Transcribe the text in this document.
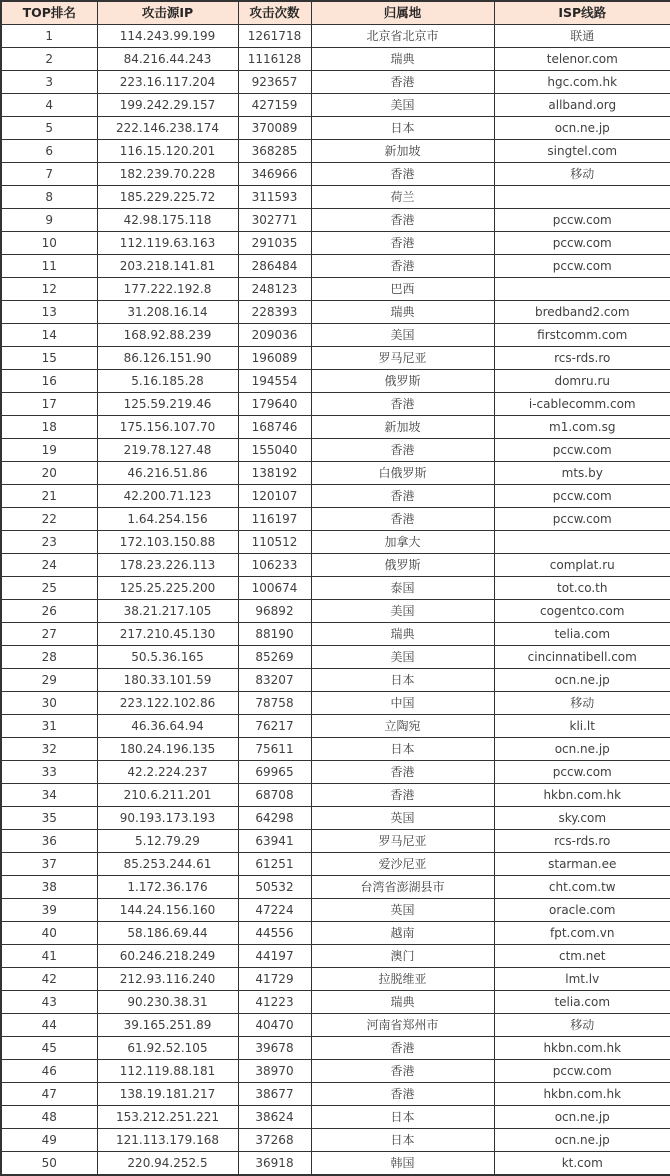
TOP排名	攻击源IP	攻击次数	归属地	ISP线路
1	114.243.99.199	1261718	北京省北京市	联通
2	84.216.44.243	1116128	瑞典	telenor.com
3	223.16.117.204	923657	香港	hgc.com.hk
4	199.242.29.157	427159	美国	allband.org
5	222.146.238.174	370089	日本	ocn.ne.jp
6	116.15.120.201	368285	新加坡	singtel.com
7	182.239.70.228	346966	香港	移动
8	185.229.225.72	311593	荷兰	
9	42.98.175.118	302771	香港	pccw.com
10	112.119.63.163	291035	香港	pccw.com
11	203.218.141.81	286484	香港	pccw.com
12	177.222.192.8	248123	巴西	
13	31.208.16.14	228393	瑞典	bredband2.com
14	168.92.88.239	209036	美国	firstcomm.com
15	86.126.151.90	196089	罗马尼亚	rcs-rds.ro
16	5.16.185.28	194554	俄罗斯	domru.ru
17	125.59.219.46	179640	香港	i-cablecomm.com
18	175.156.107.70	168746	新加坡	m1.com.sg
19	219.78.127.48	155040	香港	pccw.com
20	46.216.51.86	138192	白俄罗斯	mts.by
21	42.200.71.123	120107	香港	pccw.com
22	1.64.254.156	116197	香港	pccw.com
23	172.103.150.88	110512	加拿大	
24	178.23.226.113	106233	俄罗斯	complat.ru
25	125.25.225.200	100674	泰国	tot.co.th
26	38.21.217.105	96892	美国	cogentco.com
27	217.210.45.130	88190	瑞典	telia.com
28	50.5.36.165	85269	美国	cincinnatibell.com
29	180.33.101.59	83207	日本	ocn.ne.jp
30	223.122.102.86	78758	中国	移动
31	46.36.64.94	76217	立陶宛	kli.lt
32	180.24.196.135	75611	日本	ocn.ne.jp
33	42.2.224.237	69965	香港	pccw.com
34	210.6.211.201	68708	香港	hkbn.com.hk
35	90.193.173.193	64298	英国	sky.com
36	5.12.79.29	63941	罗马尼亚	rcs-rds.ro
37	85.253.244.61	61251	爱沙尼亚	starman.ee
38	1.172.36.176	50532	台湾省澎湖县市	cht.com.tw
39	144.24.156.160	47224	英国	oracle.com
40	58.186.69.44	44556	越南	fpt.com.vn
41	60.246.218.249	44197	澳门	ctm.net
42	212.93.116.240	41729	拉脱维亚	lmt.lv
43	90.230.38.31	41223	瑞典	telia.com
44	39.165.251.89	40470	河南省郑州市	移动
45	61.92.52.105	39678	香港	hkbn.com.hk
46	112.119.88.181	38970	香港	pccw.com
47	138.19.181.217	38677	香港	hkbn.com.hk
48	153.212.251.221	38624	日本	ocn.ne.jp
49	121.113.179.168	37268	日本	ocn.ne.jp
50	220.94.252.5	36918	韩国	kt.com
